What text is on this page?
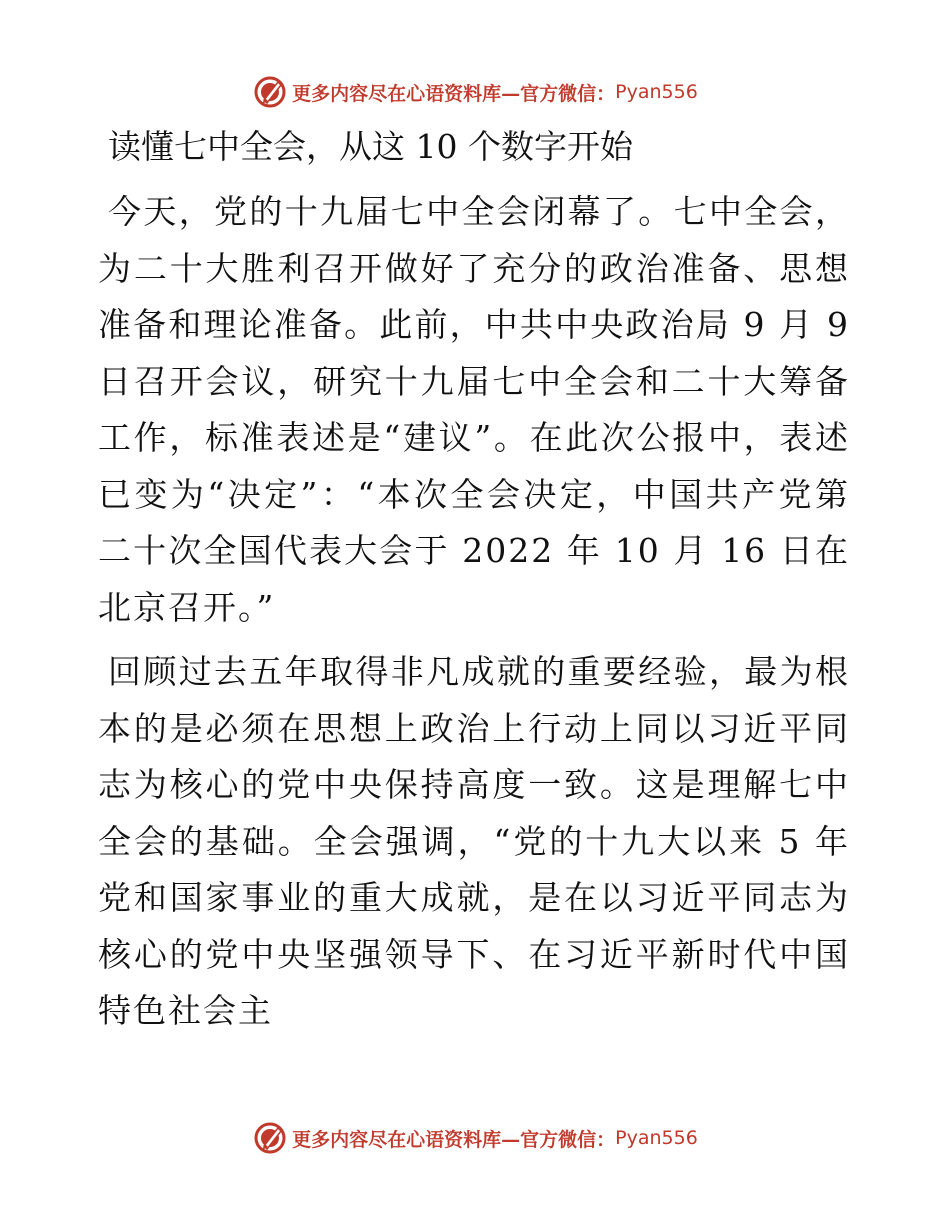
更多内容尽在心语资料库—官方微信： Pyan556
读懂七中全会，从这 10 个数字开始

今天，党的十九届七中全会闭幕了。七中全会，为二十大胜利召开做好了充分的政治准备、思想准备和理论准备。此前，中共中央政治局 9 月 9 日召开会议，研究十九届七中全会和二十大筹备工作，标准表述是“建议”。在此次公报中，表述已变为“决定”：“本次全会决定，中国共产党第二十次全国代表大会于 2022 年 10 月 16 日在北京召开。”

回顾过去五年取得非凡成就的重要经验，最为根本的是必须在思想上政治上行动上同以习近平同志为核心的党中央保持高度一致。这是理解七中全会的基础。全会强调，“党的十九大以来 5 年党和国家事业的重大成就，是在以习近平同志为核心的党中央坚强领导下、在习近平新时代中国特色社会主

更多内容尽在心语资料库—官方微信： Pyan556
